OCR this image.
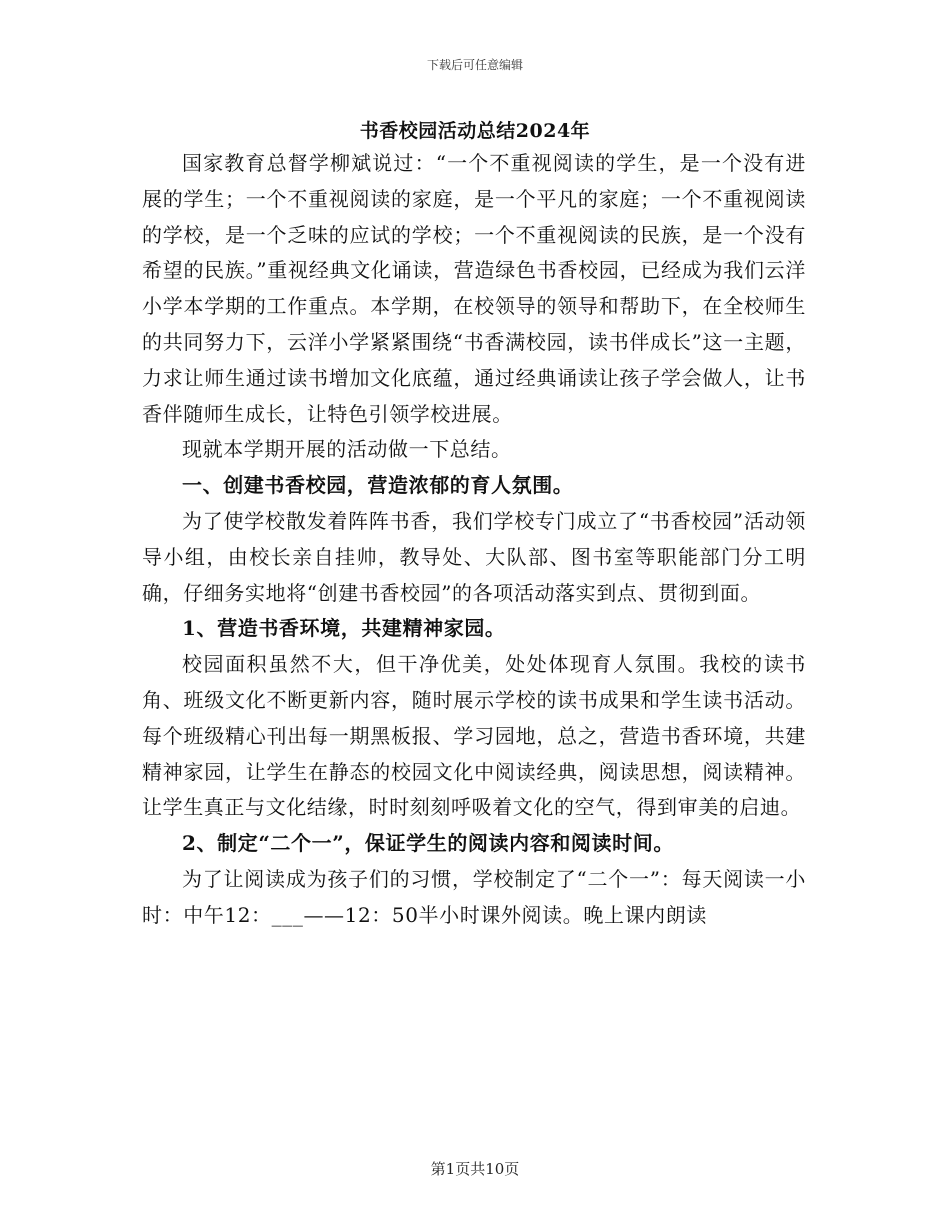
下载后可任意编辑
书香校园活动总结2024年

国家教育总督学柳斌说过：“一个不重视阅读的学生，是一个没有进展的学生；一个不重视阅读的家庭，是一个平凡的家庭；一个不重视阅读的学校，是一个乏味的应试的学校；一个不重视阅读的民族，是一个没有希望的民族。”重视经典文化诵读，营造绿色书香校园，已经成为我们云洋小学本学期的工作重点。本学期，在校领导的领导和帮助下，在全校师生的共同努力下，云洋小学紧紧围绕“书香满校园，读书伴成长”这一主题，力求让师生通过读书增加文化底蕴，通过经典诵读让孩子学会做人，让书香伴随师生成长，让特色引领学校进展。

现就本学期开展的活动做一下总结。

一、创建书香校园，营造浓郁的育人氛围。

为了使学校散发着阵阵书香，我们学校专门成立了“书香校园”活动领导小组，由校长亲自挂帅，教导处、大队部、图书室等职能部门分工明确，仔细务实地将“创建书香校园”的各项活动落实到点、贯彻到面。

1、营造书香环境，共建精神家园。

校园面积虽然不大，但干净优美，处处体现育人氛围。我校的读书角、班级文化不断更新内容，随时展示学校的读书成果和学生读书活动。每个班级精心刊出每一期黑板报、学习园地，总之，营造书香环境，共建精神家园，让学生在静态的校园文化中阅读经典，阅读思想，阅读精神。让学生真正与文化结缘，时时刻刻呼吸着文化的空气，得到审美的启迪。

2、制定“二个一”，保证学生的阅读内容和阅读时间。

为了让阅读成为孩子们的习惯，学校制定了“二个一”：每天阅读一小时：中午12：___——12：50半小时课外阅读。晚上课内朗读

第1页共10页
